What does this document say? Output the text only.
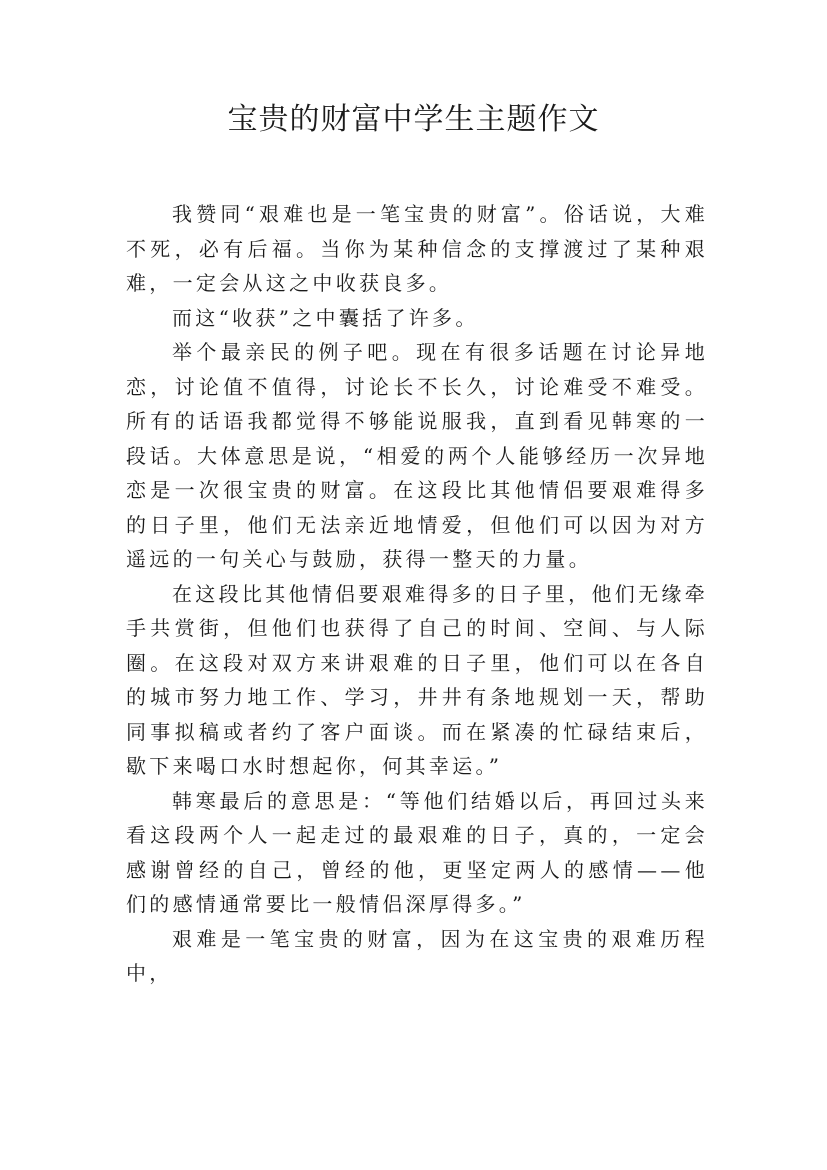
宝贵的财富中学生主题作文

我赞同“艰难也是一笔宝贵的财富”。俗话说，大难不死，必有后福。当你为某种信念的支撑渡过了某种艰难，一定会从这之中收获良多。

而这“收获”之中囊括了许多。

举个最亲民的例子吧。现在有很多话题在讨论异地恋，讨论值不值得，讨论长不长久，讨论难受不难受。所有的话语我都觉得不够能说服我，直到看见韩寒的一段话。大体意思是说，“相爱的两个人能够经历一次异地恋是一次很宝贵的财富。在这段比其他情侣要艰难得多的日子里，他们无法亲近地情爱，但他们可以因为对方遥远的一句关心与鼓励，获得一整天的力量。

在这段比其他情侣要艰难得多的日子里，他们无缘牵手共赏街，但他们也获得了自己的时间、空间、与人际圈。在这段对双方来讲艰难的日子里，他们可以在各自的城市努力地工作、学习，井井有条地规划一天，帮助同事拟稿或者约了客户面谈。而在紧凑的忙碌结束后，歇下来喝口水时想起你，何其幸运。”

韩寒最后的意思是：“等他们结婚以后，再回过头来看这段两个人一起走过的最艰难的日子，真的，一定会感谢曾经的自己，曾经的他，更坚定两人的感情——他们的感情通常要比一般情侣深厚得多。”

艰难是一笔宝贵的财富，因为在这宝贵的艰难历程中，
